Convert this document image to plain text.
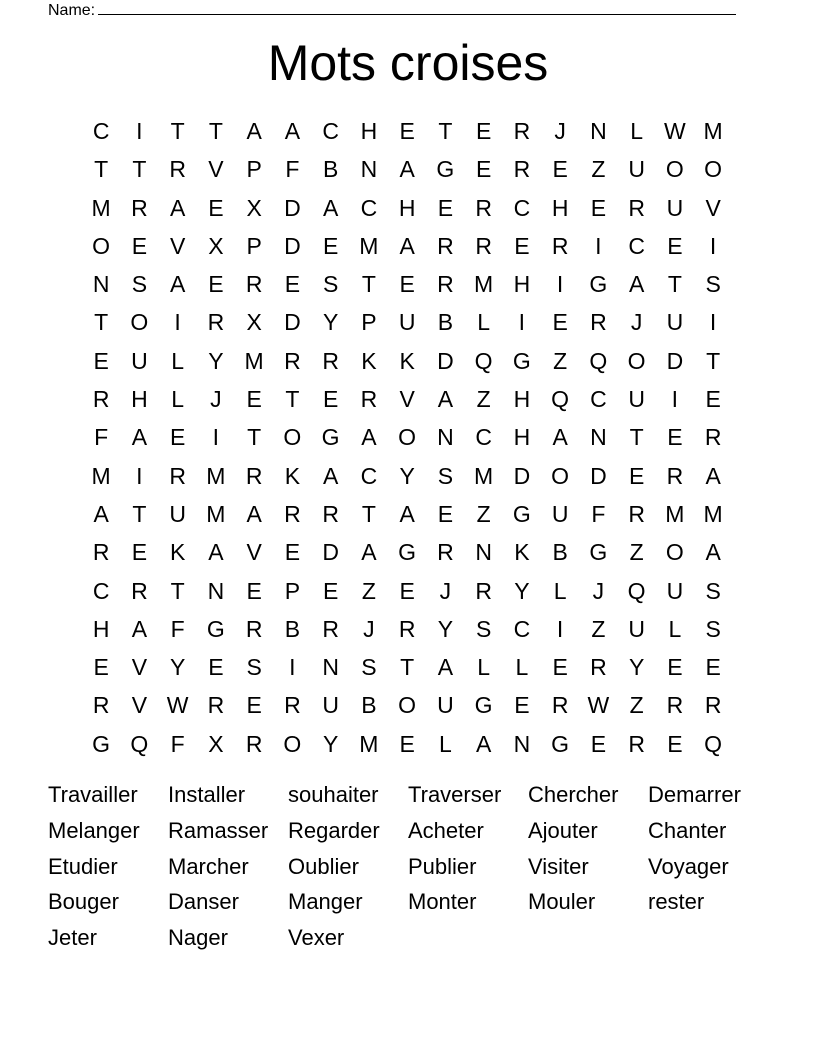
Name:
Mots croises
C	I	T	T	A A C H E	T	E R	J	N	L W M
T	T R V P	F	B N A G E R E	Z U O O
M R A E X D A C H E R C H E R U V
O E V X P D E M A R R E R	I	C E	I
N S A E R E S	T	E R M H	I	G A	T	S
T O	I	R X D Y P U B	L	I	E R	J	U	I
E U	L	Y M R R K K D Q G Z Q O D T
R H	L	J	E	T	E R V A	Z H Q C U	I	E
F	A E	I	T O G A O N C H A N T	E R
M	I	R M R K A C Y S M D O D E R A
A	T U M A R R T	A E	Z G U F R M M
R E K A V E D A G R N K B G Z O A
C R T N E P E	Z	E	J	R Y	L	J	Q U S
H A	F G R B R	J	R Y S C	I	Z U	L	S
E V Y E S	I	N S	T	A	L	L	E R Y E E
R V W R E R U B O U G E R W Z R R
G Q F	X R O Y M E	L	A N G E R E Q
Travailler	Installer	souhaiter	Traverser	Chercher	Demarrer
Melanger	Ramasser Regarder	Acheter	Ajouter	Chanter
Etudier	Marcher	Oublier	Publier	Visiter	Voyager
Bouger	Danser	Manger	Monter	Mouler	rester
Jeter	Nager	Vexer
